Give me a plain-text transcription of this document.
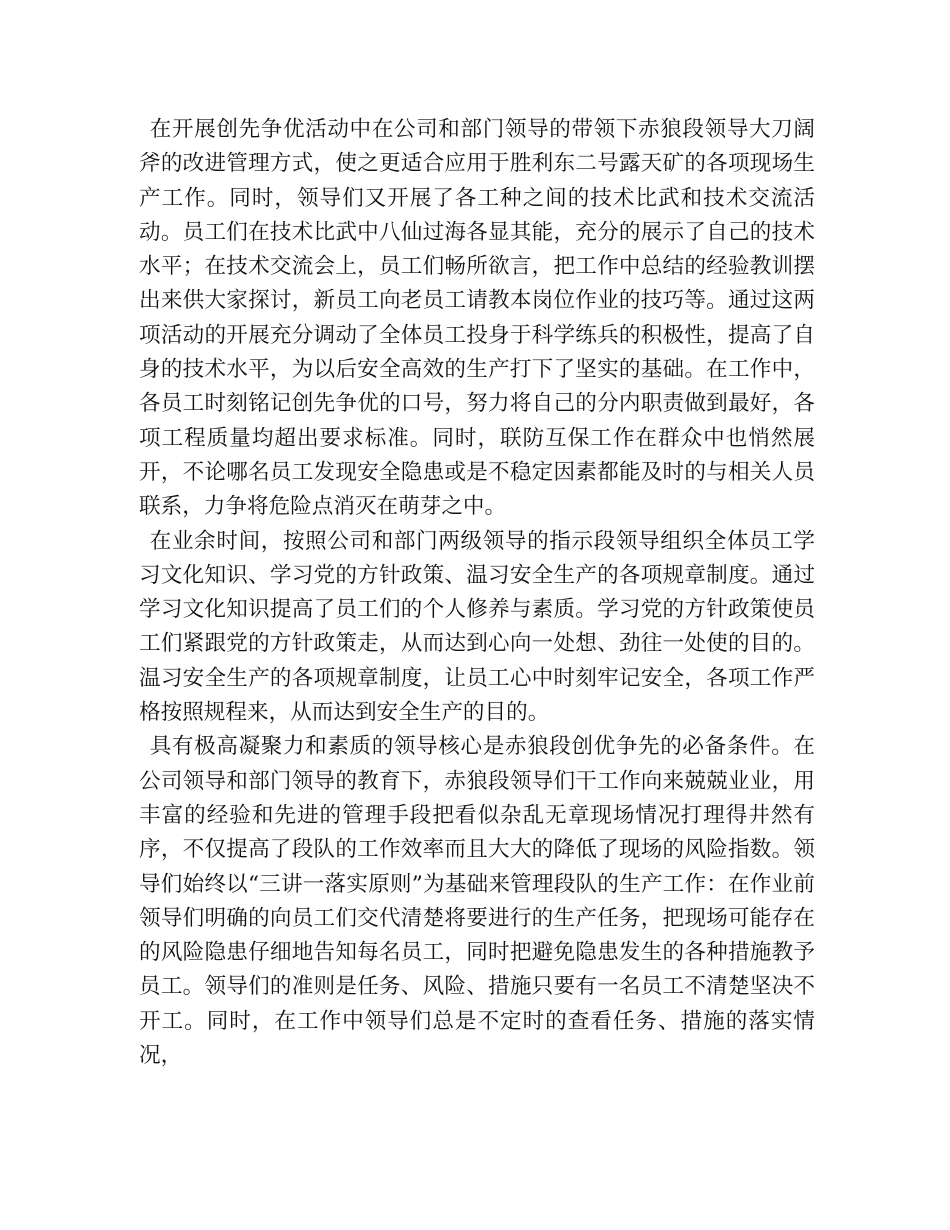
在开展创先争优活动中在公司和部门领导的带领下赤狼段领导大刀阔斧的改进管理方式，使之更适合应用于胜利东二号露天矿的各项现场生产工作。同时，领导们又开展了各工种之间的技术比武和技术交流活动。员工们在技术比武中八仙过海各显其能，充分的展示了自己的技术水平；在技术交流会上，员工们畅所欲言，把工作中总结的经验教训摆出来供大家探讨，新员工向老员工请教本岗位作业的技巧等。通过这两项活动的开展充分调动了全体员工投身于科学练兵的积极性，提高了自身的技术水平，为以后安全高效的生产打下了坚实的基础。在工作中，各员工时刻铭记创先争优的口号，努力将自己的分内职责做到最好，各项工程质量均超出要求标准。同时，联防互保工作在群众中也悄然展开，不论哪名员工发现安全隐患或是不稳定因素都能及时的与相关人员联系，力争将危险点消灭在萌芽之中。

在业余时间，按照公司和部门两级领导的指示段领导组织全体员工学习文化知识、学习党的方针政策、温习安全生产的各项规章制度。通过学习文化知识提高了员工们的个人修养与素质。学习党的方针政策使员工们紧跟党的方针政策走，从而达到心向一处想、劲往一处使的目的。温习安全生产的各项规章制度，让员工心中时刻牢记安全，各项工作严格按照规程来，从而达到安全生产的目的。

具有极高凝聚力和素质的领导核心是赤狼段创优争先的必备条件。在公司领导和部门领导的教育下，赤狼段领导们干工作向来兢兢业业，用丰富的经验和先进的管理手段把看似杂乱无章现场情况打理得井然有序，不仅提高了段队的工作效率而且大大的降低了现场的风险指数。领导们始终以“三讲一落实原则”为基础来管理段队的生产工作：在作业前领导们明确的向员工们交代清楚将要进行的生产任务，把现场可能存在的风险隐患仔细地告知每名员工，同时把避免隐患发生的各种措施教予员工。领导们的准则是任务、风险、措施只要有一名员工不清楚坚决不开工。同时，在工作中领导们总是不定时的查看任务、措施的落实情况，
